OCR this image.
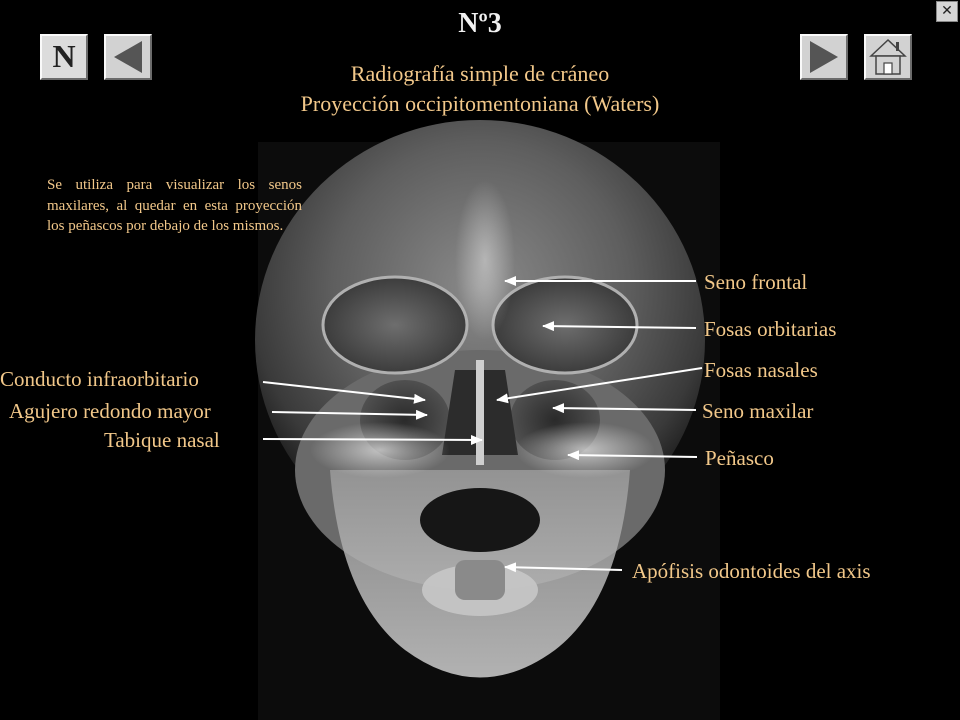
Nº3
Radiografía simple de cráneo
Proyección occipitomentoniana (Waters)
N
✕
Se utiliza para visualizar los senos maxilares, al quedar en esta proyección los peñascos por debajo de los mismos.
Seno frontal
Fosas orbitarias
Fosas nasales
Seno maxilar
Peñasco
Apófisis odontoides del axis
Conducto infraorbitario
Agujero redondo mayor
Tabique nasal
